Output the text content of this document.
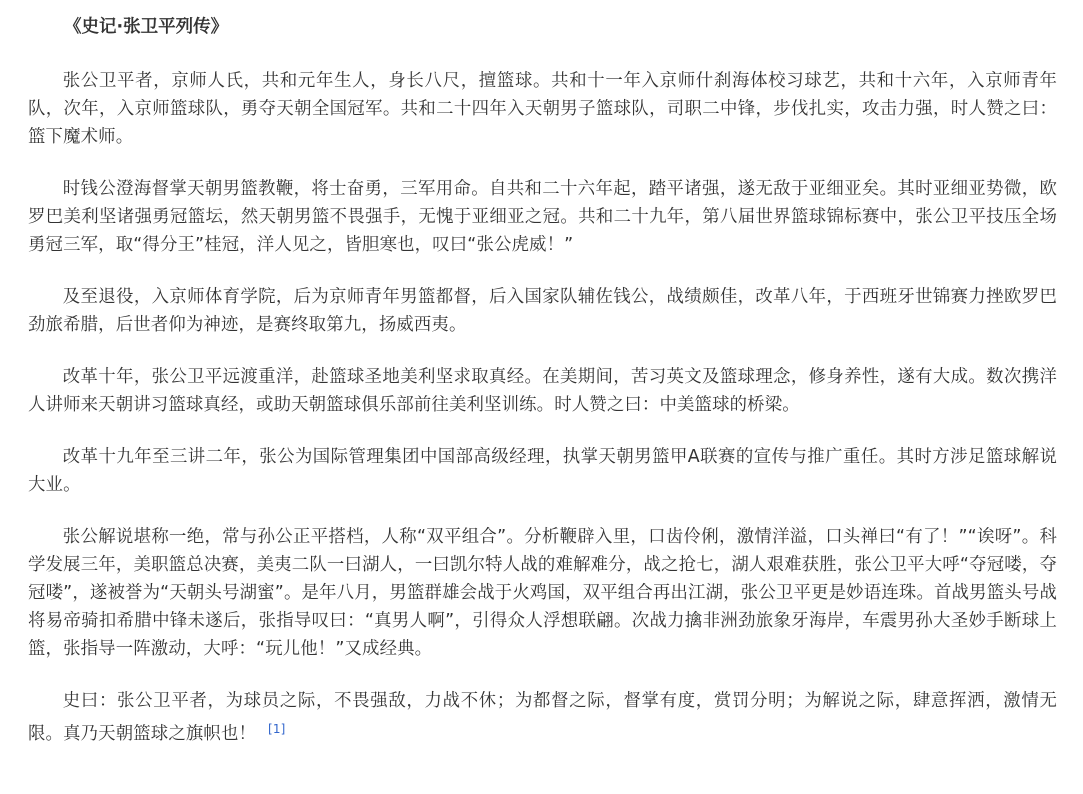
《史记·张卫平列传》

张公卫平者，京师人氏，共和元年生人，身长八尺，擅篮球。共和十一年入京师什刹海体校习球艺，共和十六年，入京师青年队，次年，入京师篮球队，勇夺天朝全国冠军。共和二十四年入天朝男子篮球队，司职二中锋，步伐扎实，攻击力强，时人赞之曰：篮下魔术师。

时钱公澄海督掌天朝男篮教鞭，将士奋勇，三军用命。自共和二十六年起，踏平诸强，遂无敌于亚细亚矣。其时亚细亚势微，欧罗巴美利坚诸强勇冠篮坛，然天朝男篮不畏强手，无愧于亚细亚之冠。共和二十九年，第八届世界篮球锦标赛中，张公卫平技压全场勇冠三军，取“得分王”桂冠，洋人见之，皆胆寒也，叹曰“张公虎威！”

及至退役，入京师体育学院，后为京师青年男篮都督，后入国家队辅佐钱公，战绩颇佳，改革八年，于西班牙世锦赛力挫欧罗巴劲旅希腊，后世者仰为神迹，是赛终取第九，扬威西夷。

改革十年，张公卫平远渡重洋，赴篮球圣地美利坚求取真经。在美期间，苦习英文及篮球理念，修身养性，遂有大成。数次携洋人讲师来天朝讲习篮球真经，或助天朝篮球俱乐部前往美利坚训练。时人赞之曰：中美篮球的桥梁。

改革十九年至三讲二年，张公为国际管理集团中国部高级经理，执掌天朝男篮甲A联赛的宣传与推广重任。其时方涉足篮球解说大业。

张公解说堪称一绝，常与孙公正平搭档，人称“双平组合”。分析鞭辟入里，口齿伶俐，激情洋溢，口头禅曰“有了！”“诶呀”。科学发展三年，美职篮总决赛，美夷二队一曰湖人，一曰凯尔特人战的难解难分，战之抢七，湖人艰难获胜，张公卫平大呼“夺冠喽，夺冠喽”，遂被誉为“天朝头号湖蜜”。是年八月，男篮群雄会战于火鸡国，双平组合再出江湖，张公卫平更是妙语连珠。首战男篮头号战将易帝骑扣希腊中锋未遂后，张指导叹曰：“真男人啊”，引得众人浮想联翩。次战力擒非洲劲旅象牙海岸，车震男孙大圣妙手断球上篮，张指导一阵激动，大呼：“玩儿他！”又成经典。

史曰：张公卫平者，为球员之际，不畏强敌，力战不休；为都督之际，督掌有度，赏罚分明；为解说之际，肆意挥洒，激情无限。真乃天朝篮球之旗帜也！ [1]
